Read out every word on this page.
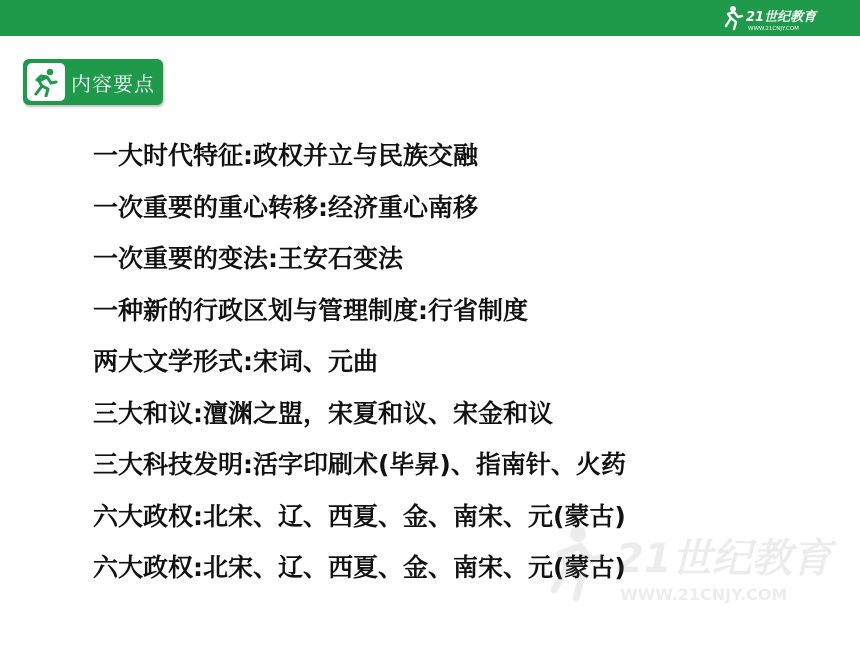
21世纪教育
WWW.21CNJY.COM
内容要点
一大时代特征:政权并立与民族交融
一次重要的重心转移:经济重心南移
一次重要的变法:王安石变法
一种新的行政区划与管理制度:行省制度
两大文学形式:宋词、元曲
三大和议:澶渊之盟，宋夏和议、宋金和议
三大科技发明:活字印刷术(毕昇)、指南针、火药
六大政权:北宋、辽、西夏、金、南宋、元(蒙古)
六大政权:北宋、辽、西夏、金、南宋、元(蒙古)
21世纪教育
WWW.21CNJY.COM
